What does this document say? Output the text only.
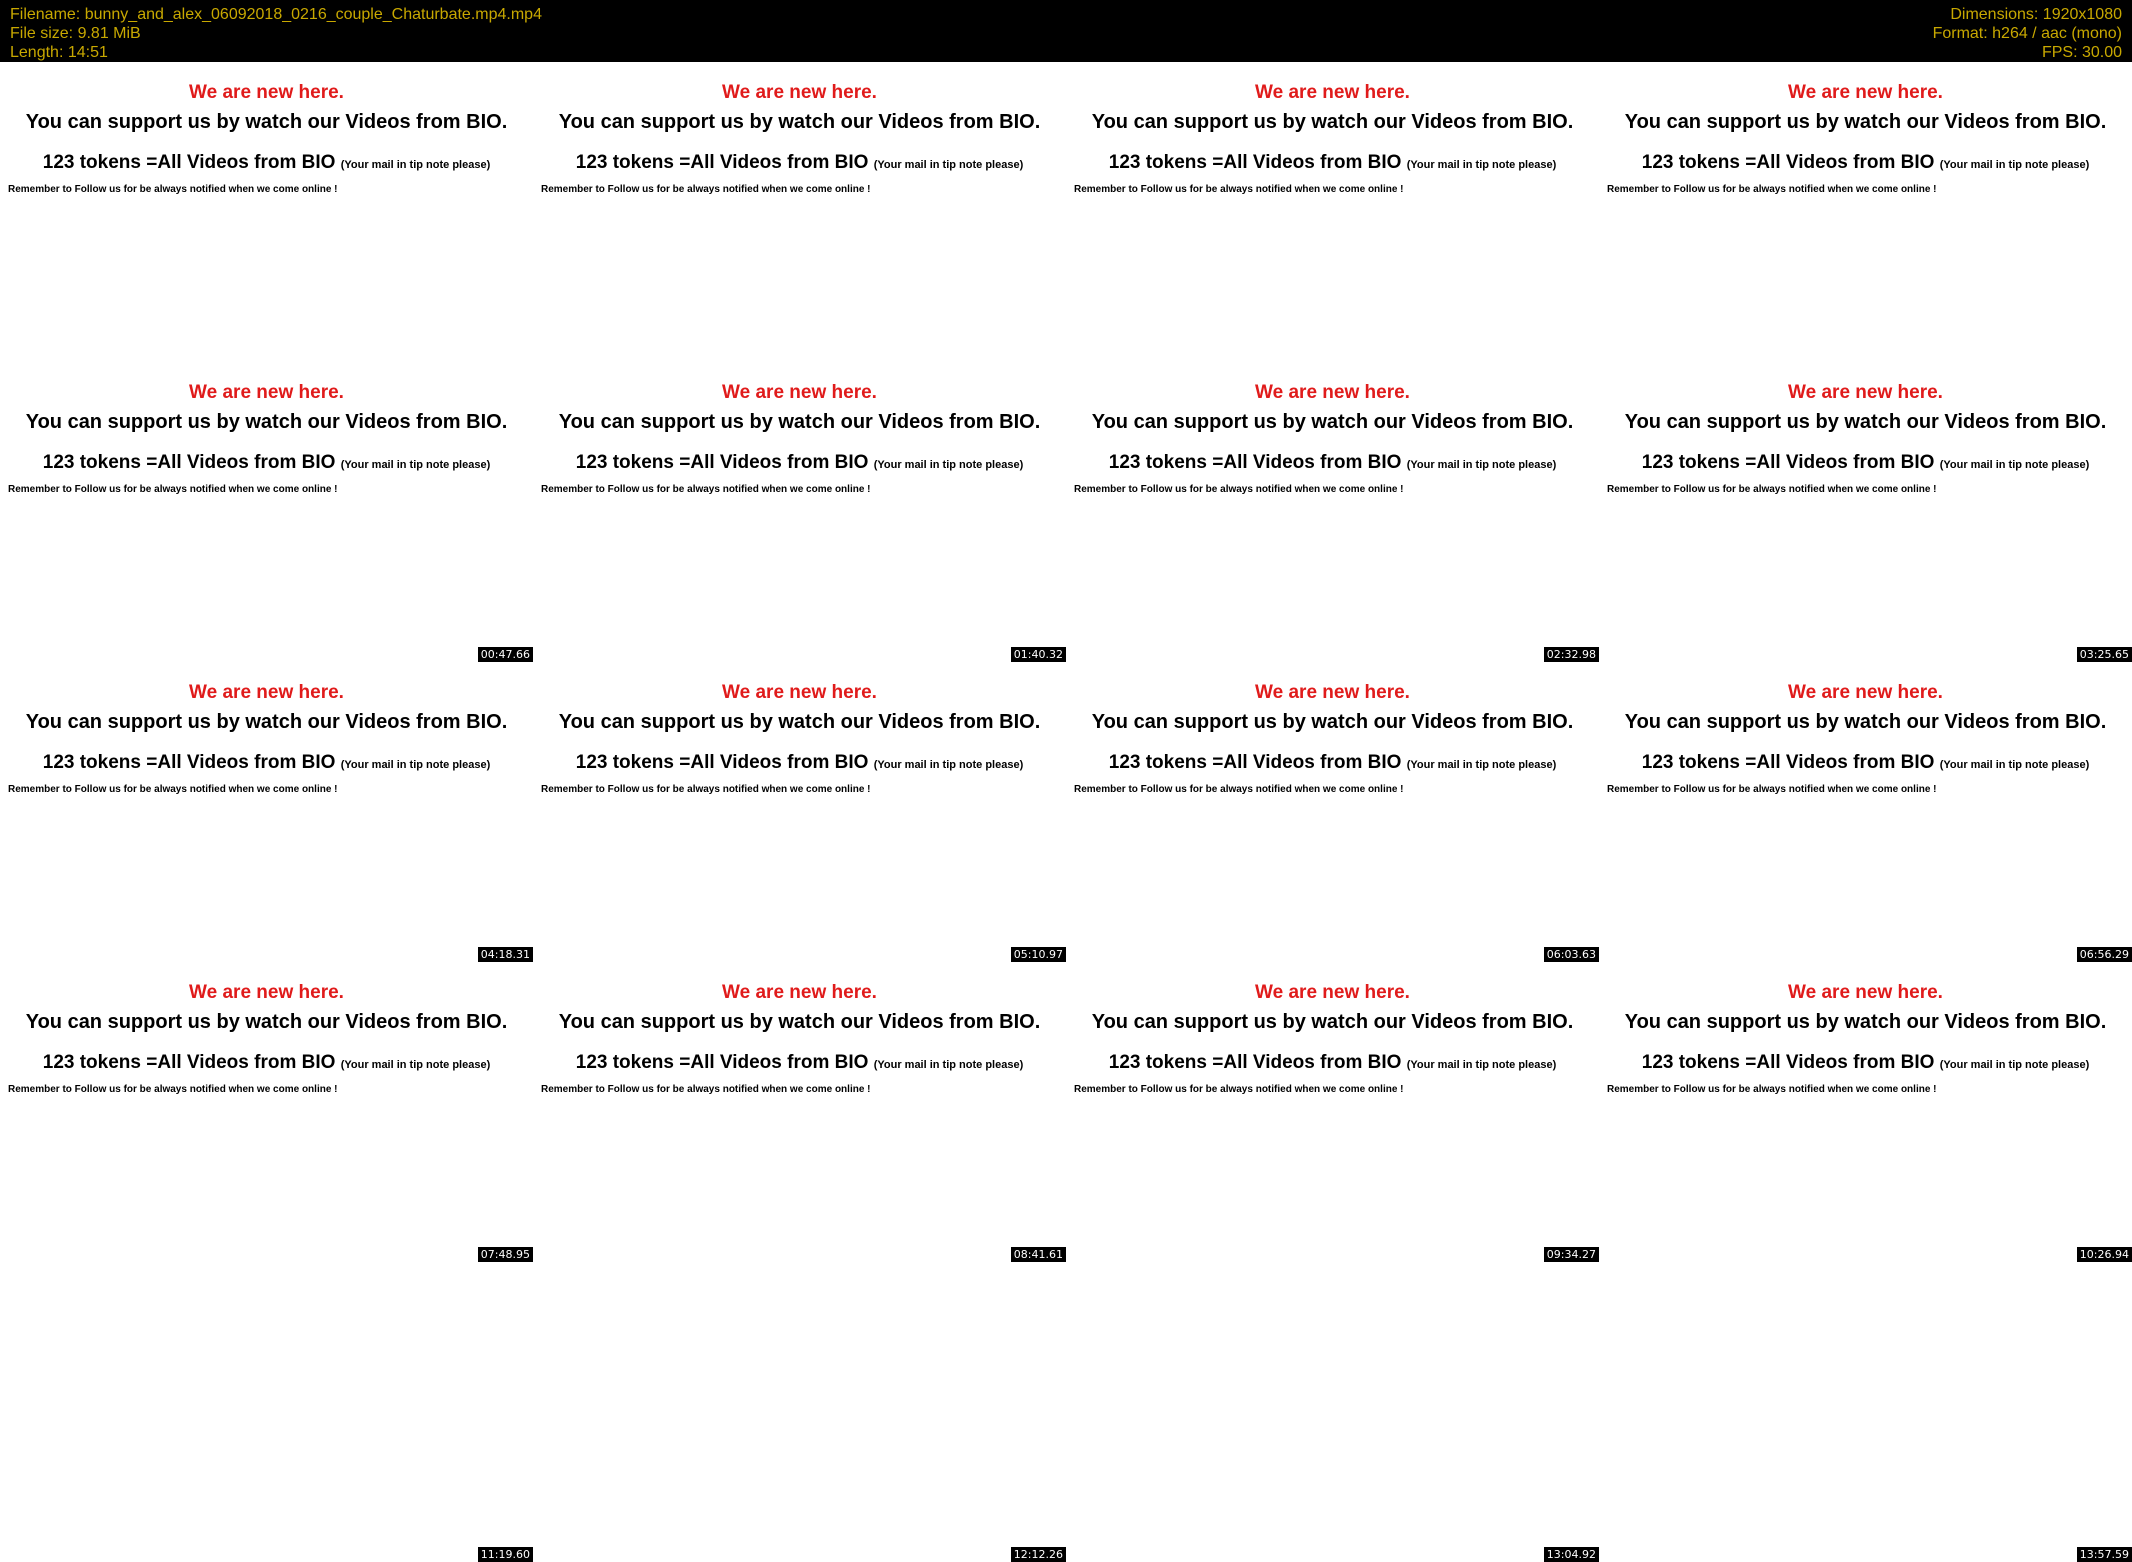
Filename: bunny_and_alex_06092018_0216_couple_Chaturbate.mp4.mp4
File size: 9.81 MiB
Length: 14:51
Dimensions: 1920x1080
Format: h264 / aac (mono)
FPS: 30.00

We are new here.

You can support us by watch our Videos from BIO.

123 tokens =All Videos from BIO (Your mail in tip note please)

Remember to Follow us for be always notified when we come online !

We are new here.

You can support us by watch our Videos from BIO.

123 tokens =All Videos from BIO (Your mail in tip note please)

Remember to Follow us for be always notified when we come online !

We are new here.

You can support us by watch our Videos from BIO.

123 tokens =All Videos from BIO (Your mail in tip note please)

Remember to Follow us for be always notified when we come online !

We are new here.

You can support us by watch our Videos from BIO.

123 tokens =All Videos from BIO (Your mail in tip note please)

Remember to Follow us for be always notified when we come online !

We are new here.

You can support us by watch our Videos from BIO.

123 tokens =All Videos from BIO (Your mail in tip note please)

Remember to Follow us for be always notified when we come online !

00:47.66

We are new here.

You can support us by watch our Videos from BIO.

123 tokens =All Videos from BIO (Your mail in tip note please)

Remember to Follow us for be always notified when we come online !

01:40.32

We are new here.

You can support us by watch our Videos from BIO.

123 tokens =All Videos from BIO (Your mail in tip note please)

Remember to Follow us for be always notified when we come online !

02:32.98

We are new here.

You can support us by watch our Videos from BIO.

123 tokens =All Videos from BIO (Your mail in tip note please)

Remember to Follow us for be always notified when we come online !

03:25.65

We are new here.

You can support us by watch our Videos from BIO.

123 tokens =All Videos from BIO (Your mail in tip note please)

Remember to Follow us for be always notified when we come online !

04:18.31

We are new here.

You can support us by watch our Videos from BIO.

123 tokens =All Videos from BIO (Your mail in tip note please)

Remember to Follow us for be always notified when we come online !

05:10.97

We are new here.

You can support us by watch our Videos from BIO.

123 tokens =All Videos from BIO (Your mail in tip note please)

Remember to Follow us for be always notified when we come online !

06:03.63

We are new here.

You can support us by watch our Videos from BIO.

123 tokens =All Videos from BIO (Your mail in tip note please)

Remember to Follow us for be always notified when we come online !

06:56.29

We are new here.

You can support us by watch our Videos from BIO.

123 tokens =All Videos from BIO (Your mail in tip note please)

Remember to Follow us for be always notified when we come online !

07:48.95

We are new here.

You can support us by watch our Videos from BIO.

123 tokens =All Videos from BIO (Your mail in tip note please)

Remember to Follow us for be always notified when we come online !

08:41.61

We are new here.

You can support us by watch our Videos from BIO.

123 tokens =All Videos from BIO (Your mail in tip note please)

Remember to Follow us for be always notified when we come online !

09:34.27

We are new here.

You can support us by watch our Videos from BIO.

123 tokens =All Videos from BIO (Your mail in tip note please)

Remember to Follow us for be always notified when we come online !

10:26.94
11:19.60	12:12.26	13:04.92	13:57.59
